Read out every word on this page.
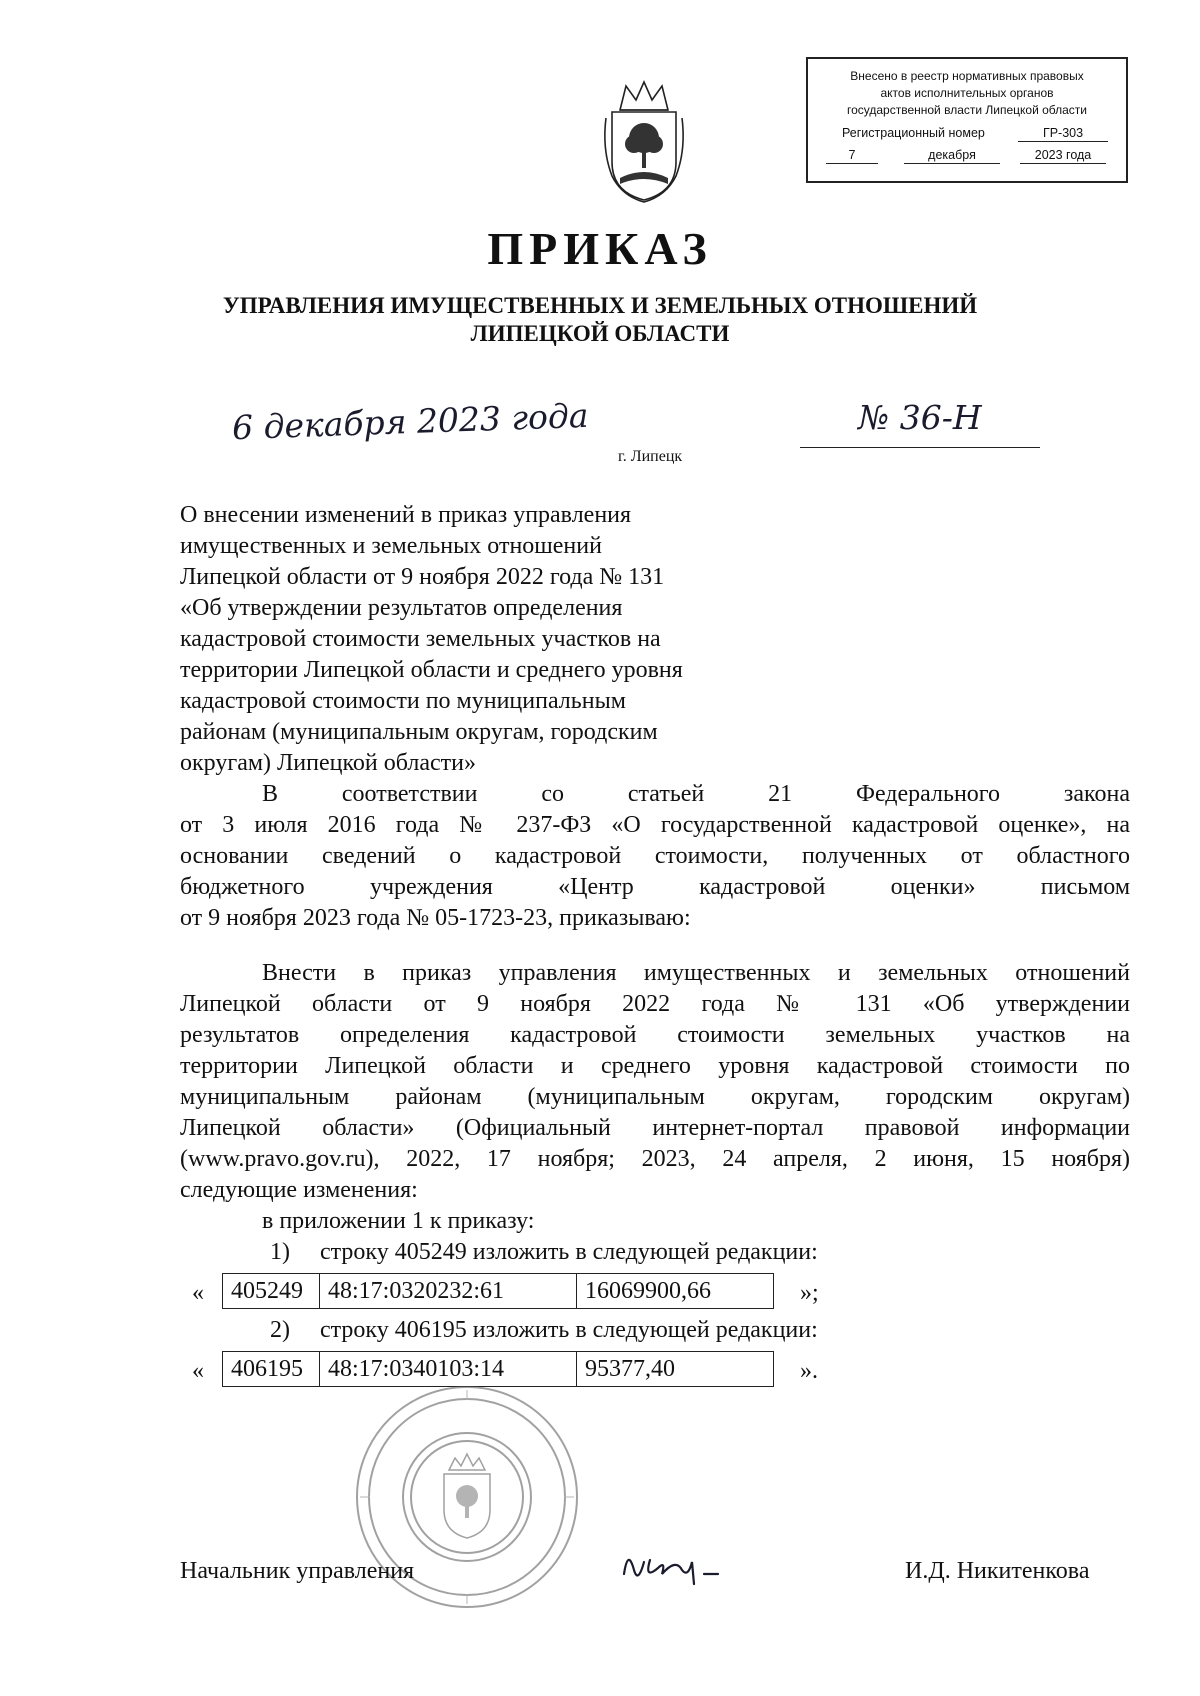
Внесено в реестр нормативных правовых
актов исполнительных органов
государственной власти Липецкой области
Регистрационный номер	ГР-303
7	декабря	2023 года
ПРИКАЗ
УПРАВЛЕНИЯ ИМУЩЕСТВЕННЫХ И ЗЕМЕЛЬНЫХ ОТНОШЕНИЙ
ЛИПЕЦКОЙ ОБЛАСТИ
6 декабря 2023 года	№ 36-Н
г. Липецк
О внесении изменений в приказ управления
имущественных и земельных отношений
Липецкой области от 9 ноября 2022 года № 131
«Об утверждении результатов определения
кадастровой стоимости земельных участков на
территории Липецкой области и среднего уровня
кадастровой стоимости по муниципальным
районам (муниципальным округам, городским
округам) Липецкой области»
В соответствии со статьей 21 Федерального закона
от 3 июля 2016 года № 237-ФЗ «О государственной кадастровой оценке», на
основании сведений о кадастровой стоимости, полученных от областного
бюджетного учреждения «Центр кадастровой оценки» письмом
от 9 ноября 2023 года № 05-1723-23, приказываю:
Внести в приказ управления имущественных и земельных отношений
Липецкой области от 9 ноября 2022 года № 131 «Об утверждении
результатов определения кадастровой стоимости земельных участков на
территории Липецкой области и среднего уровня кадастровой стоимости по
муниципальным районам (муниципальным округам, городским округам)
Липецкой области» (Официальный интернет-портал правовой информации
(www.pravo.gov.ru), 2022, 17 ноября; 2023, 24 апреля, 2 июня, 15 ноября)
следующие изменения:
в приложении 1 к приказу:
1) строку 405249 изложить в следующей редакции:
« 405249	48:17:0320232:61	16069900,66	»;
2) строку 406195 изложить в следующей редакции:
« 406195	48:17:0340103:14	95377,40	».
Начальник управления	И.Д. Никитенкова
